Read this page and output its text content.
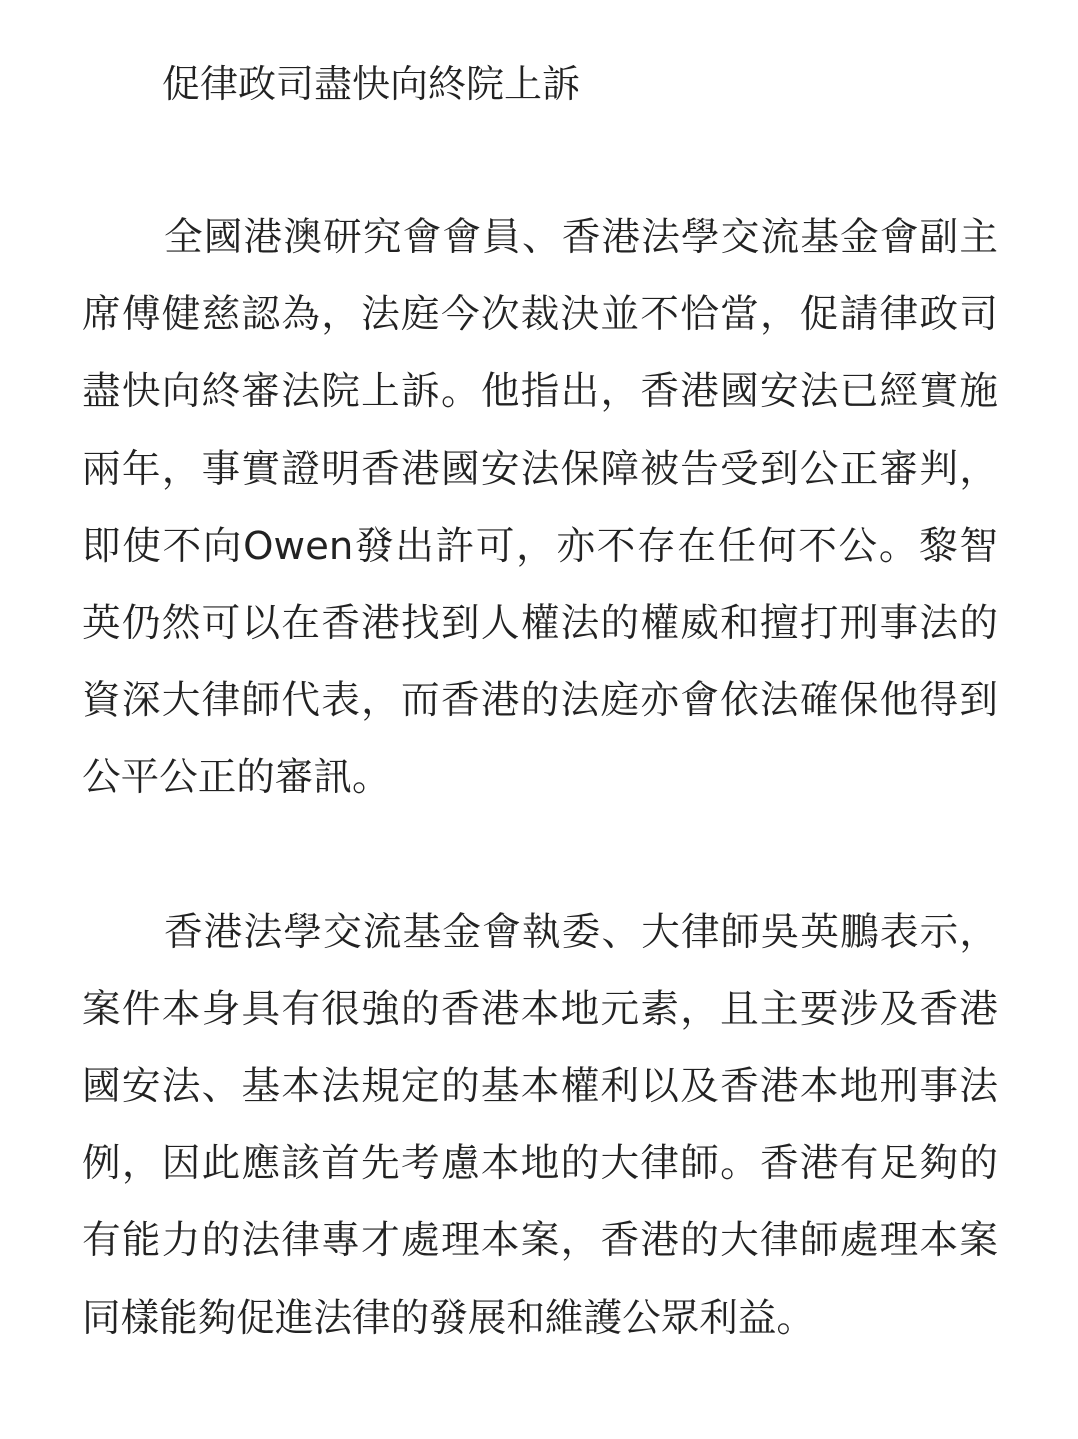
促律政司盡快向終院上訴

全國港澳研究會會員、香港法學交流基金會副主席傅健慈認為，法庭今次裁決並不恰當，促請律政司盡快向終審法院上訴。他指出，香港國安法已經實施兩年，事實證明香港國安法保障被告受到公正審判，即使不向Owen發出許可，亦不存在任何不公。黎智英仍然可以在香港找到人權法的權威和擅打刑事法的資深大律師代表，而香港的法庭亦會依法確保他得到公平公正的審訊。

香港法學交流基金會執委、大律師吳英鵬表示，案件本身具有很強的香港本地元素，且主要涉及香港國安法、基本法規定的基本權利以及香港本地刑事法例，因此應該首先考慮本地的大律師。香港有足夠的有能力的法律專才處理本案，香港的大律師處理本案同樣能夠促進法律的發展和維護公眾利益。
